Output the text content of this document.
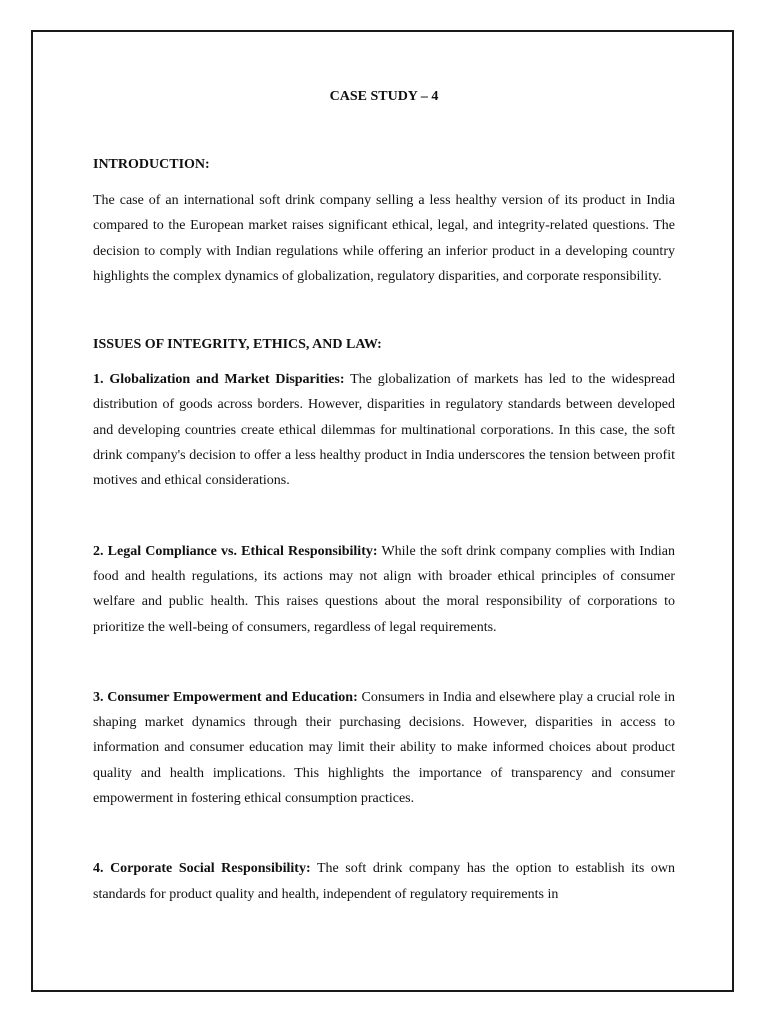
CASE STUDY – 4

INTRODUCTION:

The case of an international soft drink company selling a less healthy version of its product in India compared to the European market raises significant ethical, legal, and integrity-related questions. The decision to comply with Indian regulations while offering an inferior product in a developing country highlights the complex dynamics of globalization, regulatory disparities, and corporate responsibility.

ISSUES OF INTEGRITY, ETHICS, AND LAW:

1. Globalization and Market Disparities: The globalization of markets has led to the widespread distribution of goods across borders. However, disparities in regulatory standards between developed and developing countries create ethical dilemmas for multinational corporations. In this case, the soft drink company's decision to offer a less healthy product in India underscores the tension between profit motives and ethical considerations.

2. Legal Compliance vs. Ethical Responsibility: While the soft drink company complies with Indian food and health regulations, its actions may not align with broader ethical principles of consumer welfare and public health. This raises questions about the moral responsibility of corporations to prioritize the well-being of consumers, regardless of legal requirements.

3. Consumer Empowerment and Education: Consumers in India and elsewhere play a crucial role in shaping market dynamics through their purchasing decisions. However, disparities in access to information and consumer education may limit their ability to make informed choices about product quality and health implications. This highlights the importance of transparency and consumer empowerment in fostering ethical consumption practices.

4. Corporate Social Responsibility: The soft drink company has the option to establish its own standards for product quality and health, independent of regulatory requirements in
